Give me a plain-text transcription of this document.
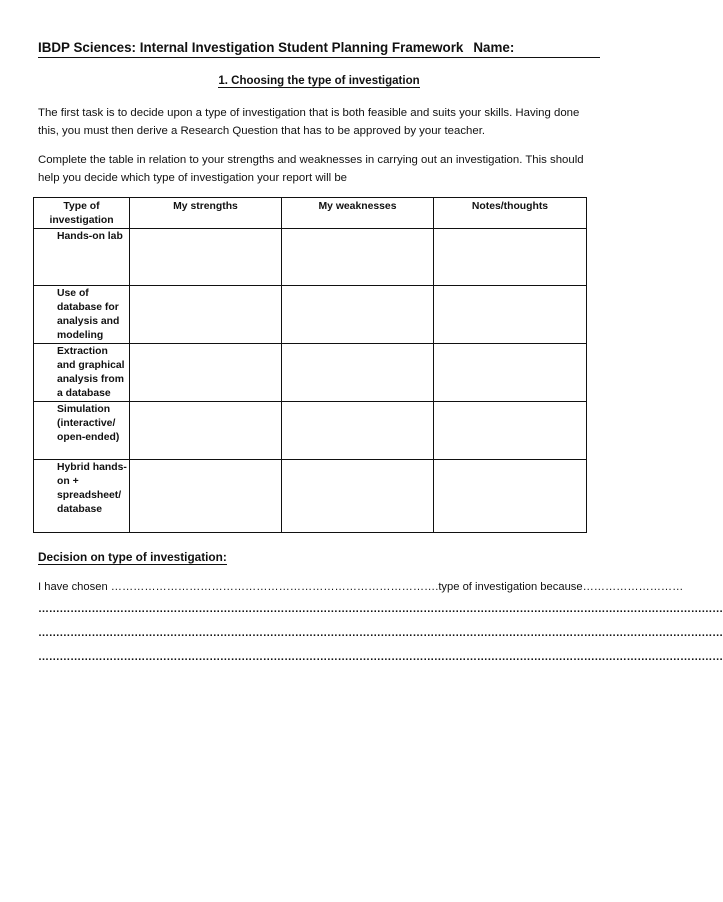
IBDP Sciences: Internal Investigation Student Planning Framework Name:
1. Choosing the type of investigation
The first task is to decide upon a type of investigation that is both feasible and suits your skills. Having done this, you must then derive a Research Question that has to be approved by your teacher.
Complete the table in relation to your strengths and weaknesses in carrying out an investigation. This should help you decide which type of investigation your report will be
Type of investigation	My strengths	My weaknesses	Notes/thoughts
Hands-on lab			
Use of database for analysis and modeling			
Extraction and graphical analysis from a database			
Simulation (interactive/ open-ended)			
Hybrid hands-on + spreadsheet/ database			
Decision on type of investigation:
I have chosen …………………………………………………………………………….type of investigation because………………………
…………………………………………………………………………………………………………………………………………………………………………
…………………………………………………………………………………………………………………………………………………………………………
…………………………………………………………………………………………………………………………………………………………………………
